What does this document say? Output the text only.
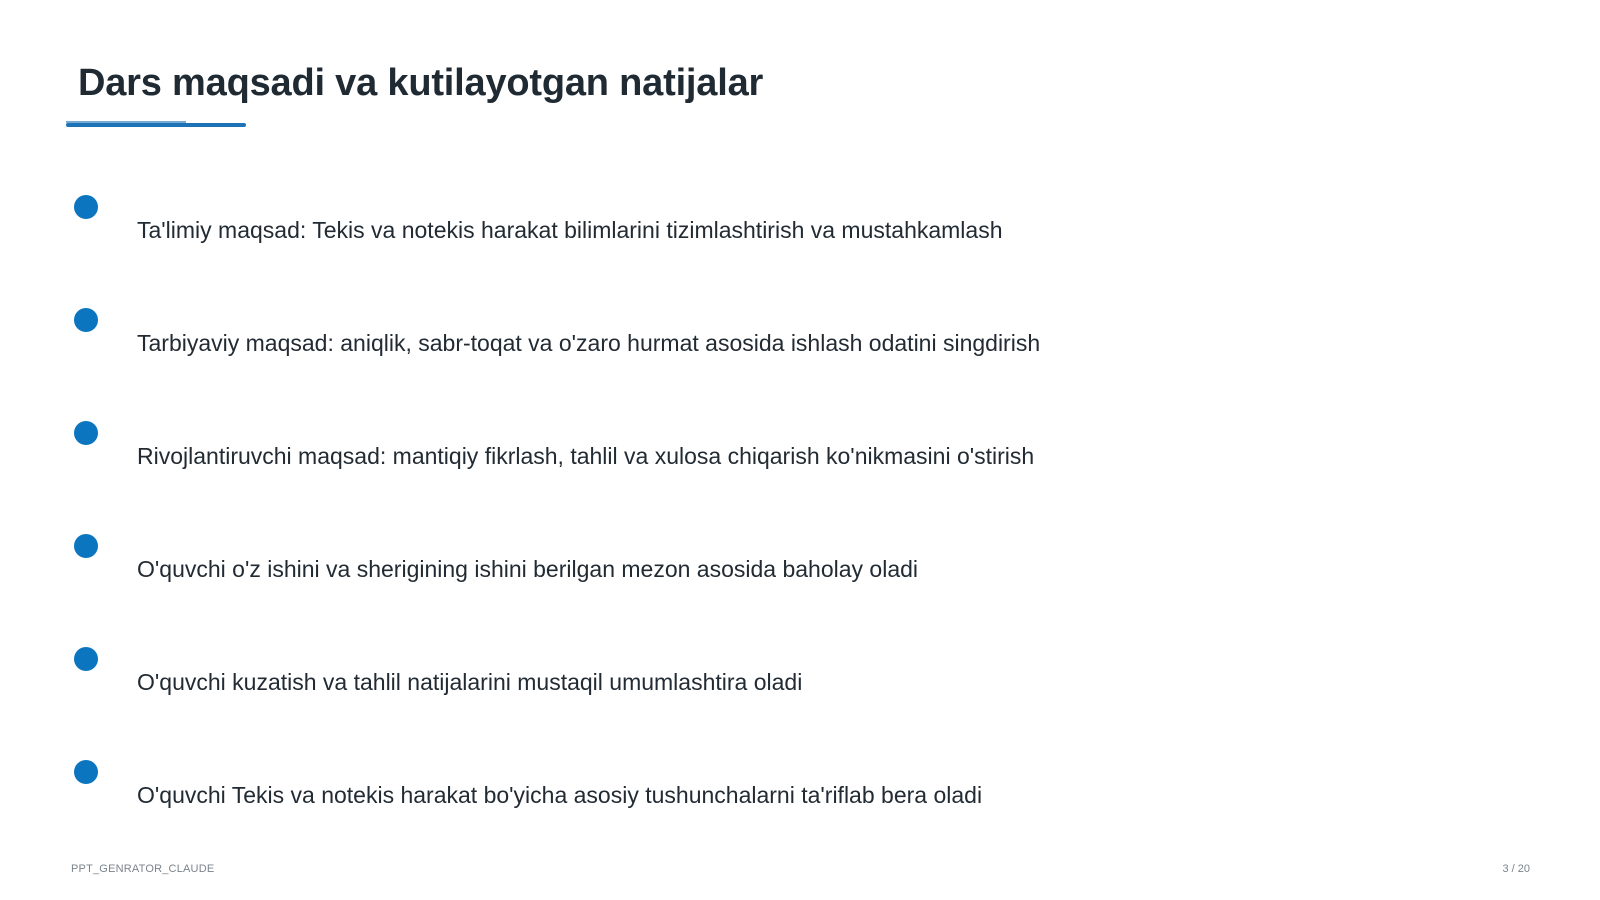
Dars maqsadi va kutilayotgan natijalar
Ta'limiy maqsad: Tekis va notekis harakat bilimlarini tizimlashtirish va mustahkamlash
Tarbiyaviy maqsad: aniqlik, sabr-toqat va o'zaro hurmat asosida ishlash odatini singdirish
Rivojlantiruvchi maqsad: mantiqiy fikrlash, tahlil va xulosa chiqarish ko'nikmasini o'stirish
O'quvchi o'z ishini va sherigining ishini berilgan mezon asosida baholay oladi
O'quvchi kuzatish va tahlil natijalarini mustaqil umumlashtira oladi
O'quvchi Tekis va notekis harakat bo'yicha asosiy tushunchalarni ta'riflab bera oladi
PPT_GENRATOR_CLAUDE	3 / 20
